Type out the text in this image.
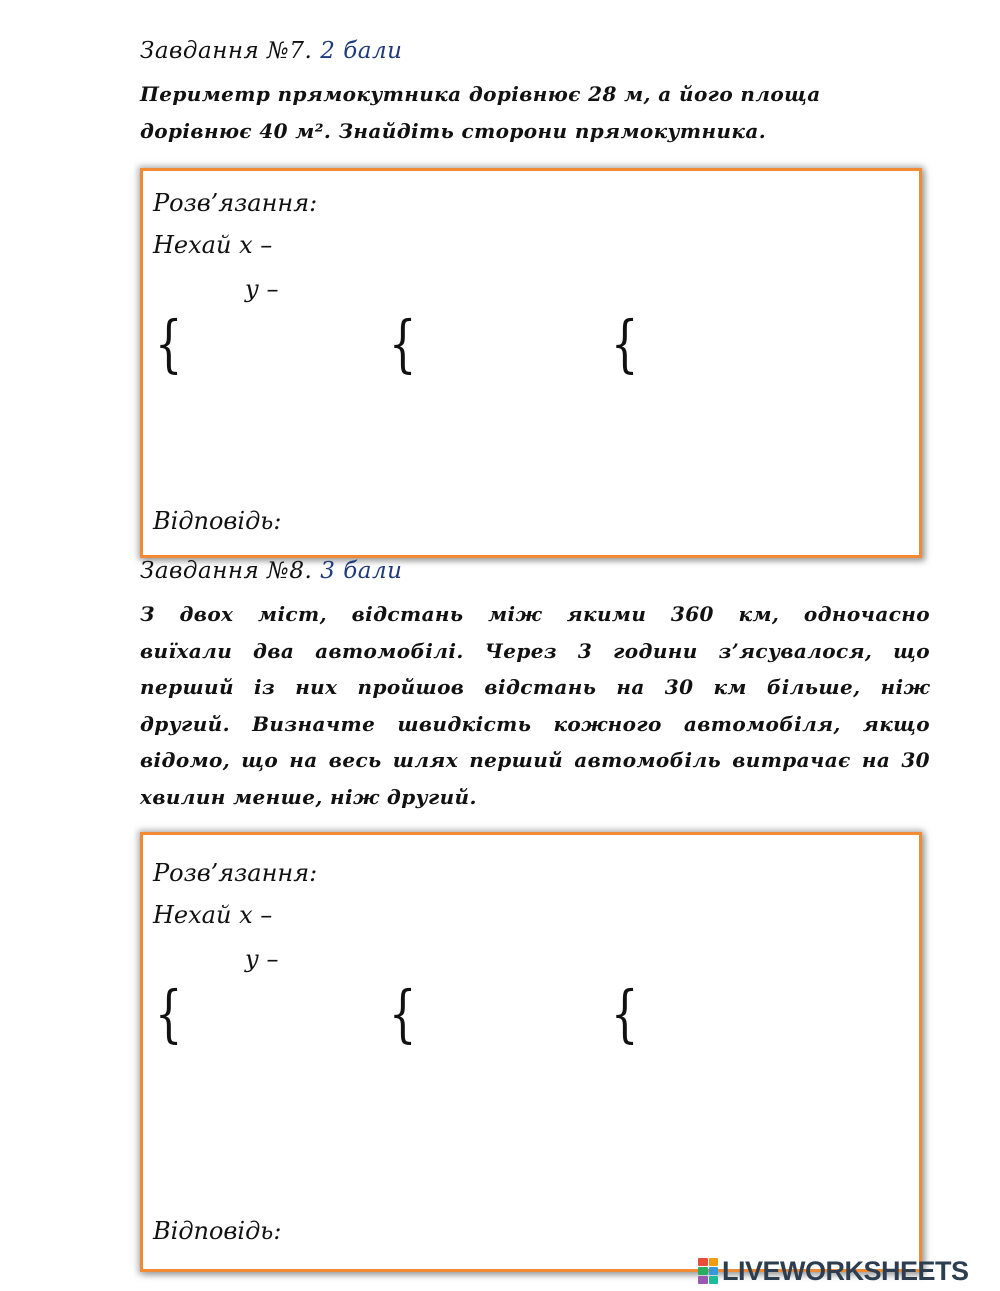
Завдання №7. 2 бали
Периметр прямокутника дорівнює 28 м, а його площа
дорівнює 40 м². Знайдіть сторони прямокутника.
Розв’язання:
Нехай х –
у –
{	{	{
Відповідь:
Завдання №8. 3 бали
З двох міст, відстань між якими 360 км, одночасно
виїхали два автомобілі. Через 3 години з’ясувалося, що
перший із них пройшов відстань на 30 км більше, ніж
другий. Визначте швидкість кожного автомобіля, якщо
відомо, що на весь шлях перший автомобіль витрачає на 30
хвилин менше, ніж другий.
Розв’язання:
Нехай х –
у –
{	{	{
Відповідь:
LIVEWORKSHEETS
